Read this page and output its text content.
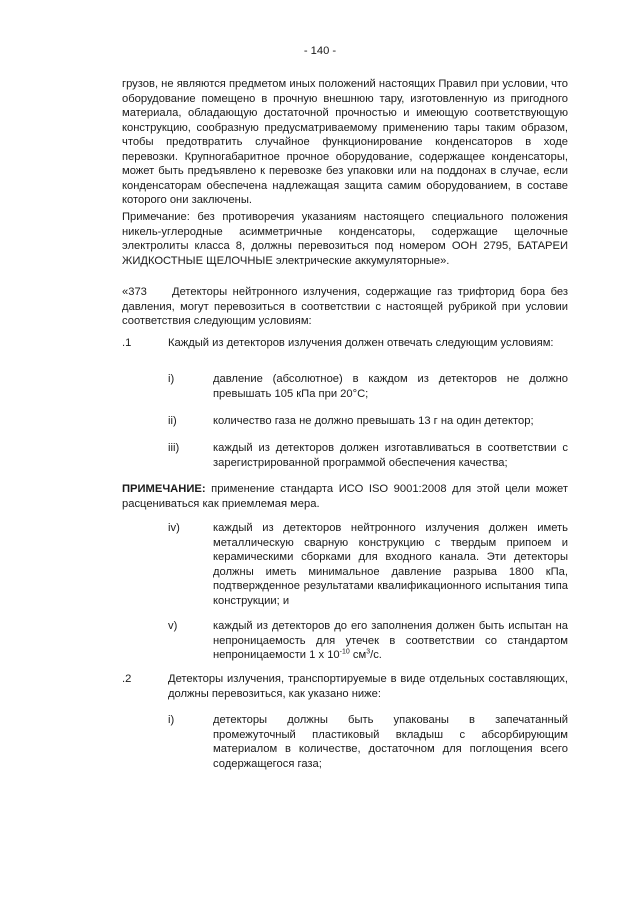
- 140 -
грузов, не являются предметом иных положений настоящих Правил при условии, что оборудование помещено в прочную внешнюю тару, изготовленную из пригодного материала, обладающую достаточной прочностью и имеющую соответствующую конструкцию, сообразную предусматриваемому применению тары таким образом, чтобы предотвратить случайное функционирование конденсаторов в ходе перевозки. Крупногабаритное прочное оборудование, содержащее конденсаторы, может быть предъявлено к перевозке без упаковки или на поддонах в случае, если конденсаторам обеспечена надлежащая защита самим оборудованием, в составе которого они заключены.
Примечание: без противоречия указаниям настоящего специального положения никель-углеродные асимметричные конденсаторы, содержащие щелочные электролиты класса 8, должны перевозиться под номером ООН 2795, БАТАРЕИ ЖИДКОСТНЫЕ ЩЕЛОЧНЫЕ электрические аккумуляторные».
«373	Детекторы нейтронного излучения, содержащие газ трифторид бора без давления, могут перевозиться в соответствии с настоящей рубрикой при условии соответствия следующим условиям:
.1	Каждый из детекторов излучения должен отвечать следующим условиям:
i)	давление (абсолютное) в каждом из детекторов не должно превышать 105 кПа при 20°C;
ii)	количество газа не должно превышать 13 г на один детектор;
iii)	каждый из детекторов должен изготавливаться в соответствии с зарегистрированной программой обеспечения качества;
ПРИМЕЧАНИЕ: применение стандарта ИСО ISO 9001:2008 для этой цели может расцениваться как приемлемая мера.
iv)	каждый из детекторов нейтронного излучения должен иметь металлическую сварную конструкцию с твердым припоем и керамическими сборками для входного канала. Эти детекторы должны иметь минимальное давление разрыва 1800 кПа, подтвержденное результатами квалификационного испытания типа конструкции; и
v)	каждый из детекторов до его заполнения должен быть испытан на непроницаемость для утечек в соответствии со стандартом непроницаемости 1 x $10^{-10}$ $см^3/с$.
.2	Детекторы излучения, транспортируемые в виде отдельных составляющих, должны перевозиться, как указано ниже:
i)	детекторы должны быть упакованы в запечатанный промежуточный пластиковый вкладыш с абсорбирующим материалом в количестве, достаточном для поглощения всего содержащегося газа;
